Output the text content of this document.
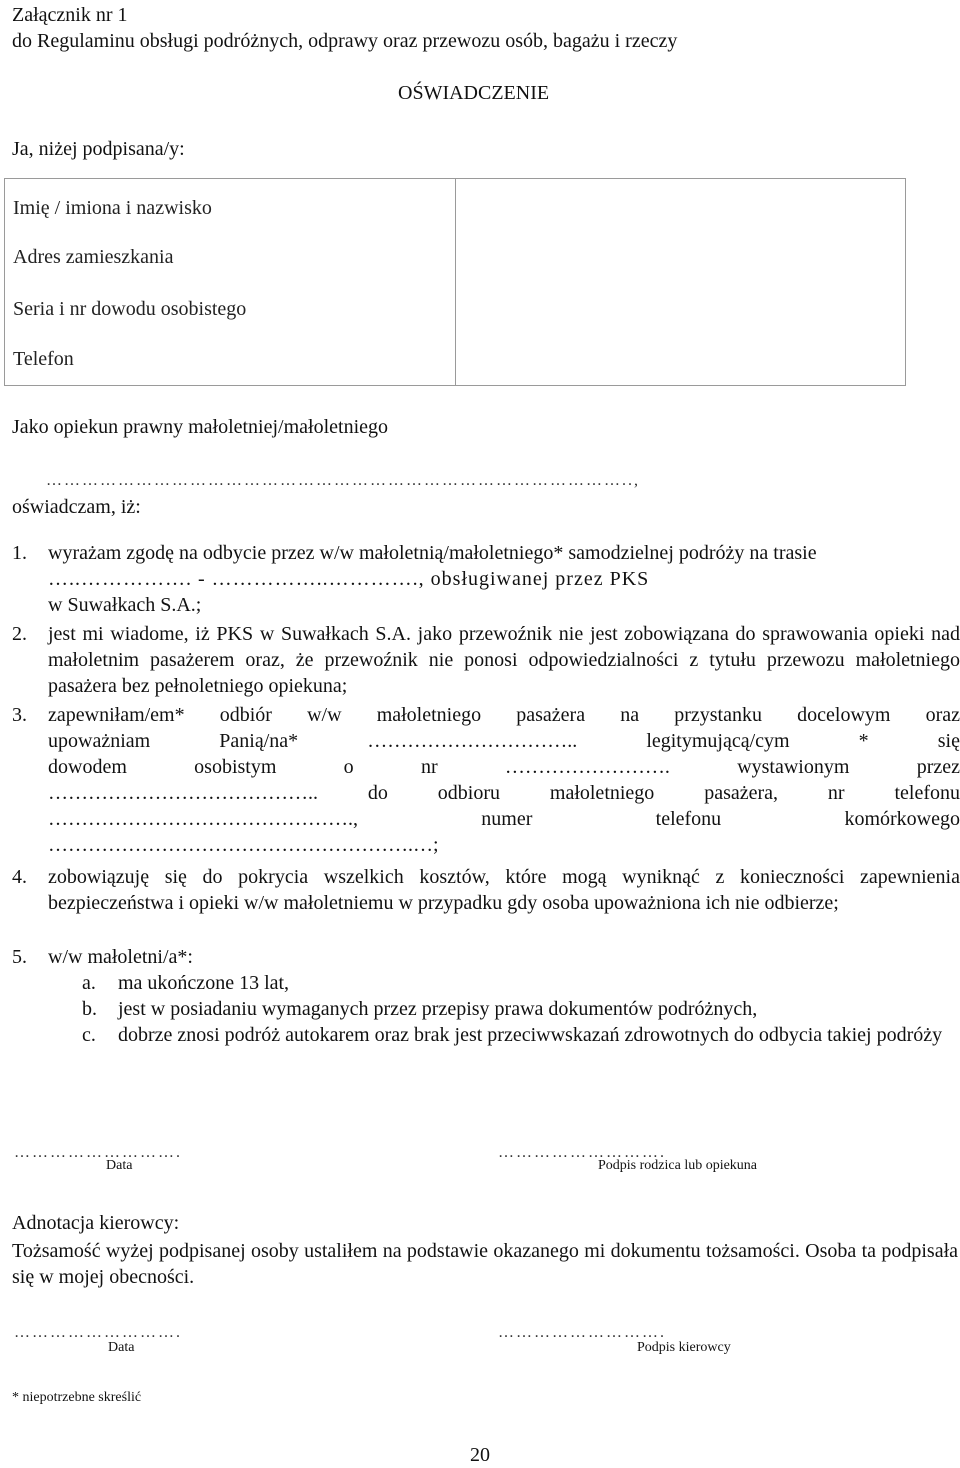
Załącznik nr 1
do Regulaminu obsługi podróżnych, odprawy oraz przewozu osób, bagażu i rzeczy
OŚWIADCZENIE
Ja, niżej podpisana/y:
Imię / imiona i nazwisko
Adres zamieszkania
Seria i nr dowodu osobistego
Telefon
Jako opiekun prawny małoletniej/małoletniego
……………………………………………………………………………………..,
oświadczam, iż:
1. wyrażam zgodę na odbycie przez w/w małoletnią/małoletniego* samodzielnej podróży na trasie
…..……………. - ……………..…………., obsługiwanej przez PKS
w Suwałkach S.A.;
2. jest mi wiadome, iż PKS w Suwałkach S.A. jako przewoźnik nie jest zobowiązana do sprawowania opieki nad małoletnim pasażerem oraz, że przewoźnik nie ponosi odpowiedzialności z tytułu przewozu małoletniego pasażera bez pełnoletniego opiekuna;
3. zapewniłam/em* odbiór w/w małoletniego pasażera na przystanku docelowym oraz
upoważniam Panią/na* ………………………….. legitymującą/cym * się
dowodem osobistym o nr ……………………. wystawionym przez
………………………………….. do odbioru małoletniego pasażera, nr telefonu
………………………………………., numer telefonu komórkowego
……………………………………………….…;
4. zobowiązuję się do pokrycia wszelkich kosztów, które mogą wyniknąć z konieczności zapewnienia bezpieczeństwa i opieki w/w małoletniemu w przypadku gdy osoba upoważniona ich nie odbierze;
5. w/w małoletni/a*:
a. ma ukończone 13 lat,
b. jest w posiadaniu wymaganych przez przepisy prawa dokumentów podróżnych,
c. dobrze znosi podróż autokarem oraz brak jest przeciwwskazań zdrowotnych do odbycia takiej podróży
……………………….	……………………….
Data	Podpis rodzica lub opiekuna
Adnotacja kierowcy:
Tożsamość wyżej podpisanej osoby ustaliłem na podstawie okazanego mi dokumentu tożsamości. Osoba ta podpisała się w mojej obecności.
……………………….	……………………….
Data	Podpis kierowcy
* niepotrzebne skreślić
20
